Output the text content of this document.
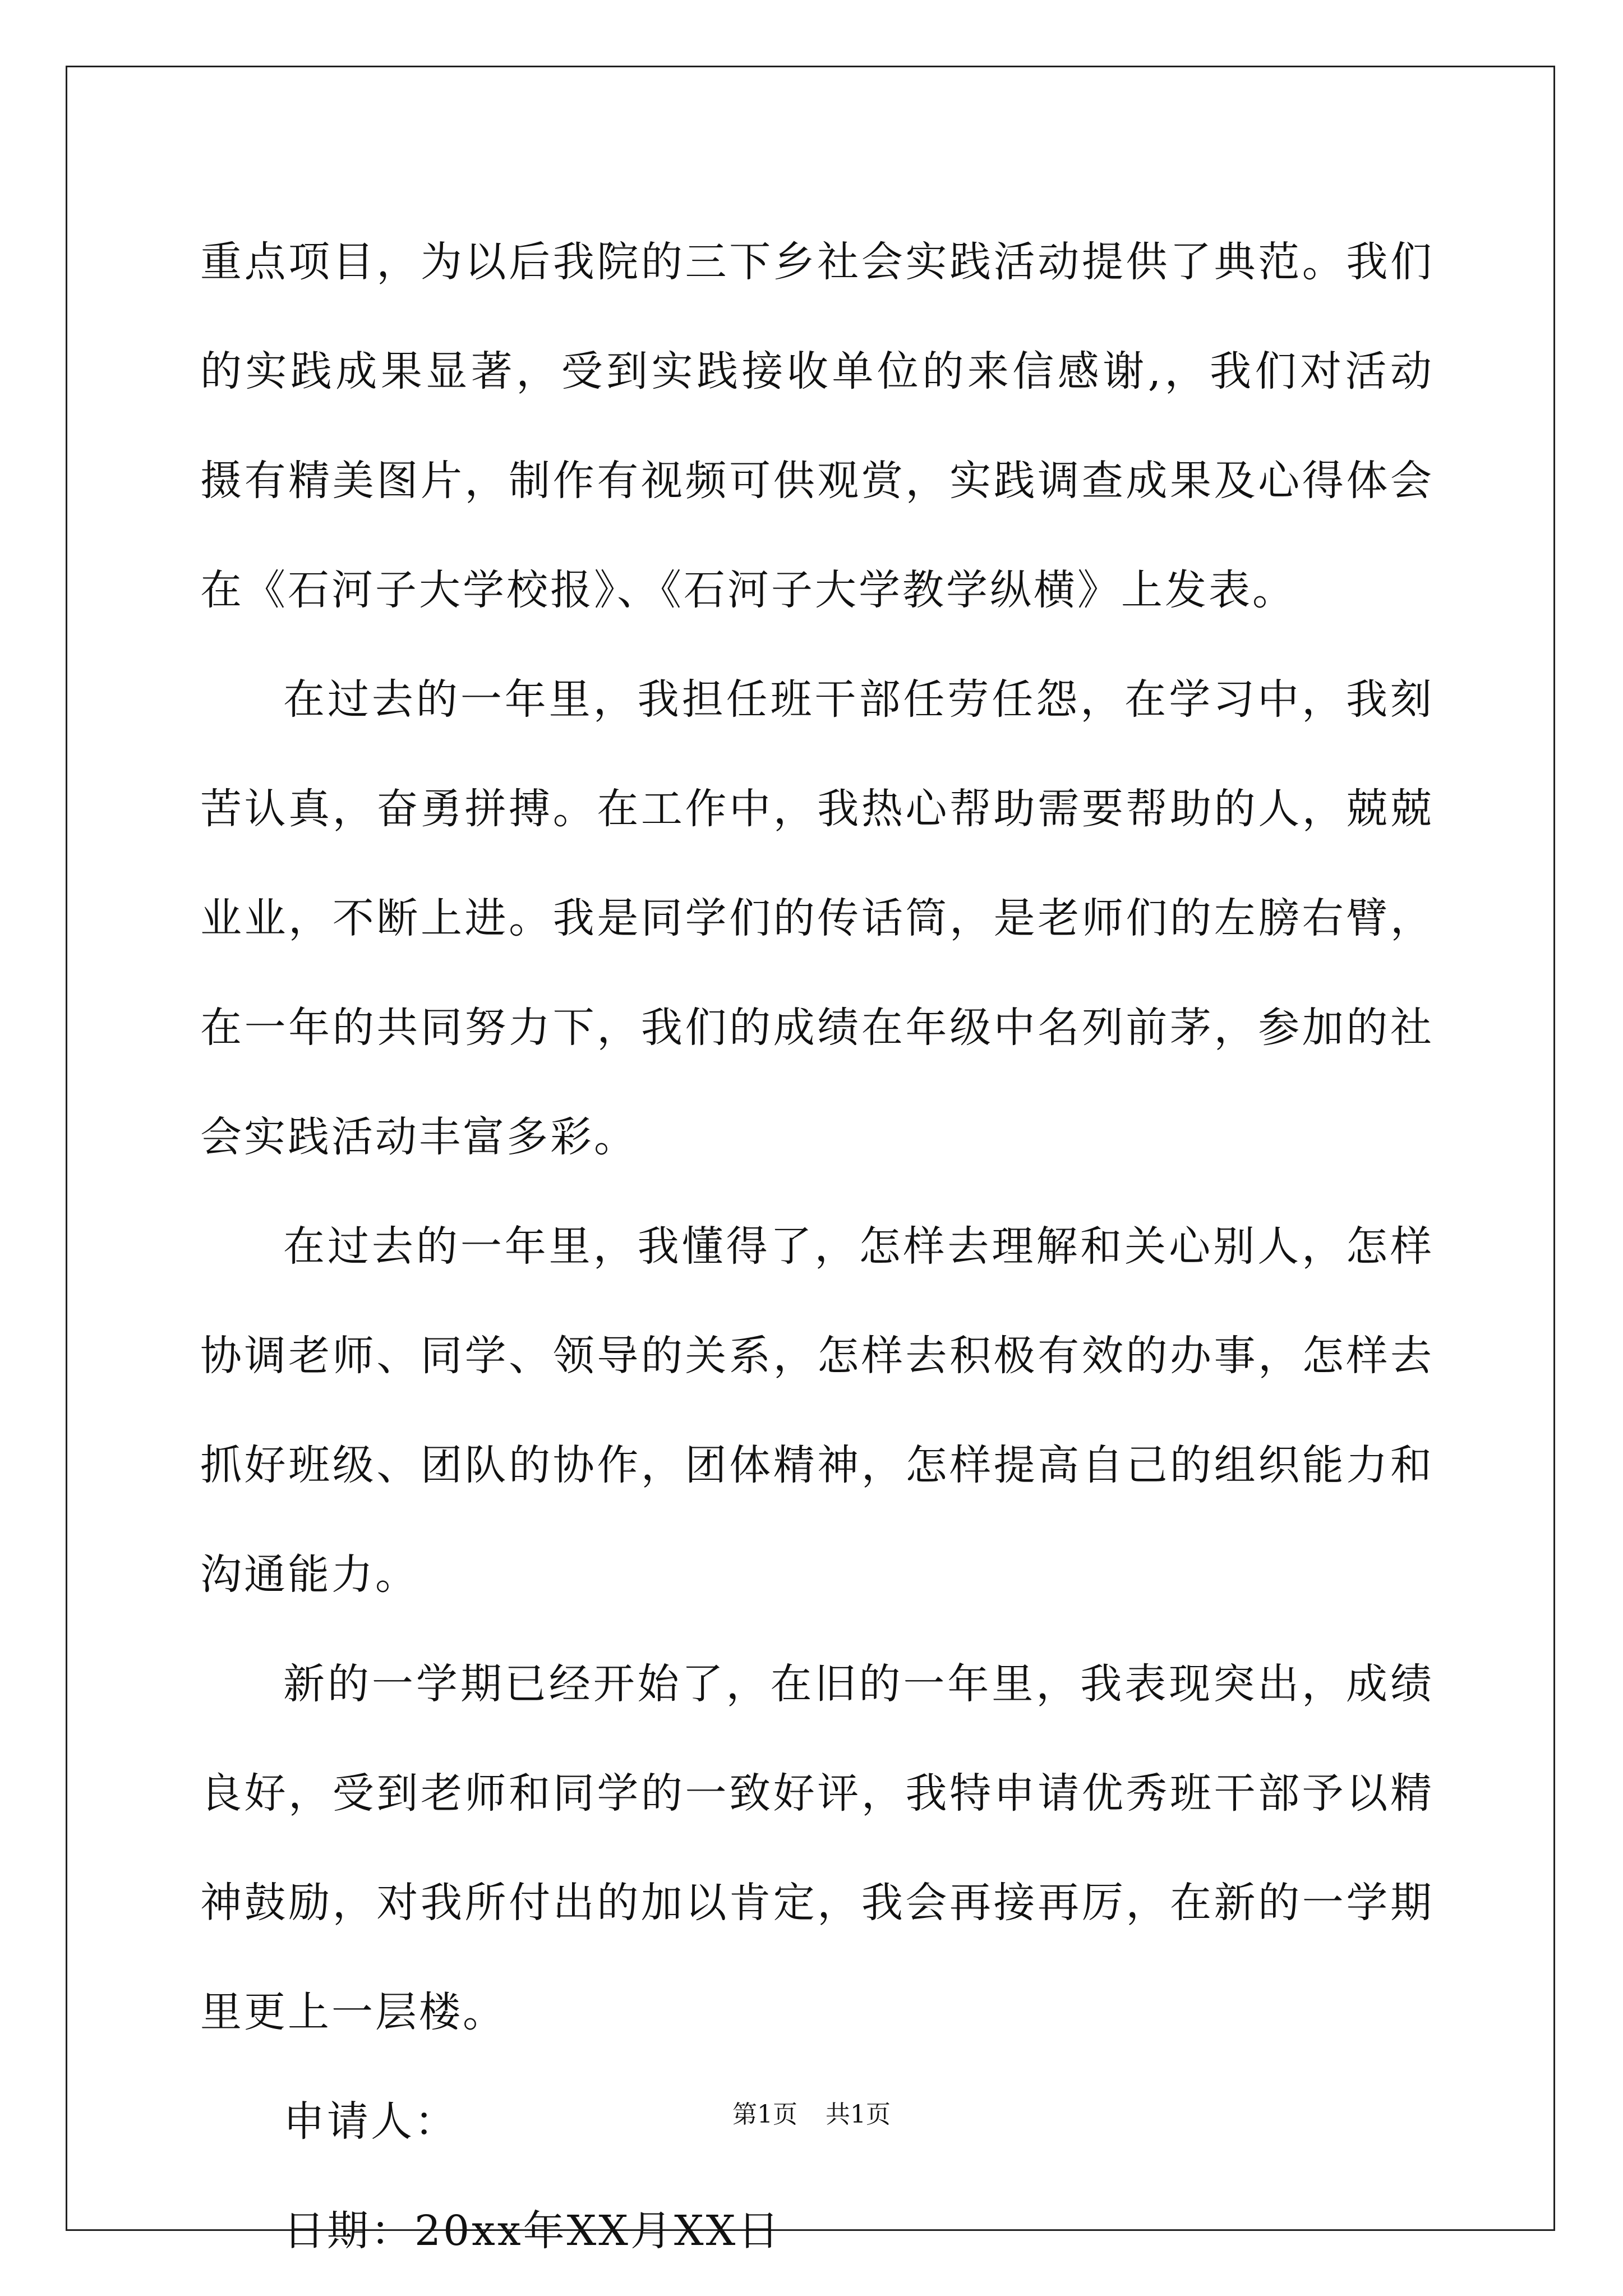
重点项目，为以后我院的三下乡社会实践活动提供了典范。我们的实践成果显著，受到实践接收单位的来信感谢,，我们对活动摄有精美图片，制作有视频可供观赏，实践调查成果及心得体会在《石河子大学校报》、《石河子大学教学纵横》上发表。

在过去的一年里，我担任班干部任劳任怨，在学习中，我刻苦认真，奋勇拼搏。在工作中，我热心帮助需要帮助的人，兢兢业业，不断上进。我是同学们的传话筒，是老师们的左膀右臂，在一年的共同努力下，我们的成绩在年级中名列前茅，参加的社会实践活动丰富多彩。

在过去的一年里，我懂得了，怎样去理解和关心别人，怎样协调老师、同学、领导的关系，怎样去积极有效的办事，怎样去抓好班级、团队的协作，团体精神，怎样提高自己的组织能力和沟通能力。

新的一学期已经开始了，在旧的一年里，我表现突出，成绩良好，受到老师和同学的一致好评，我特申请优秀班干部予以精神鼓励，对我所付出的加以肯定，我会再接再厉，在新的一学期里更上一层楼。

申请人：

日期：20xx年XX月XX日

第1页 共1页
